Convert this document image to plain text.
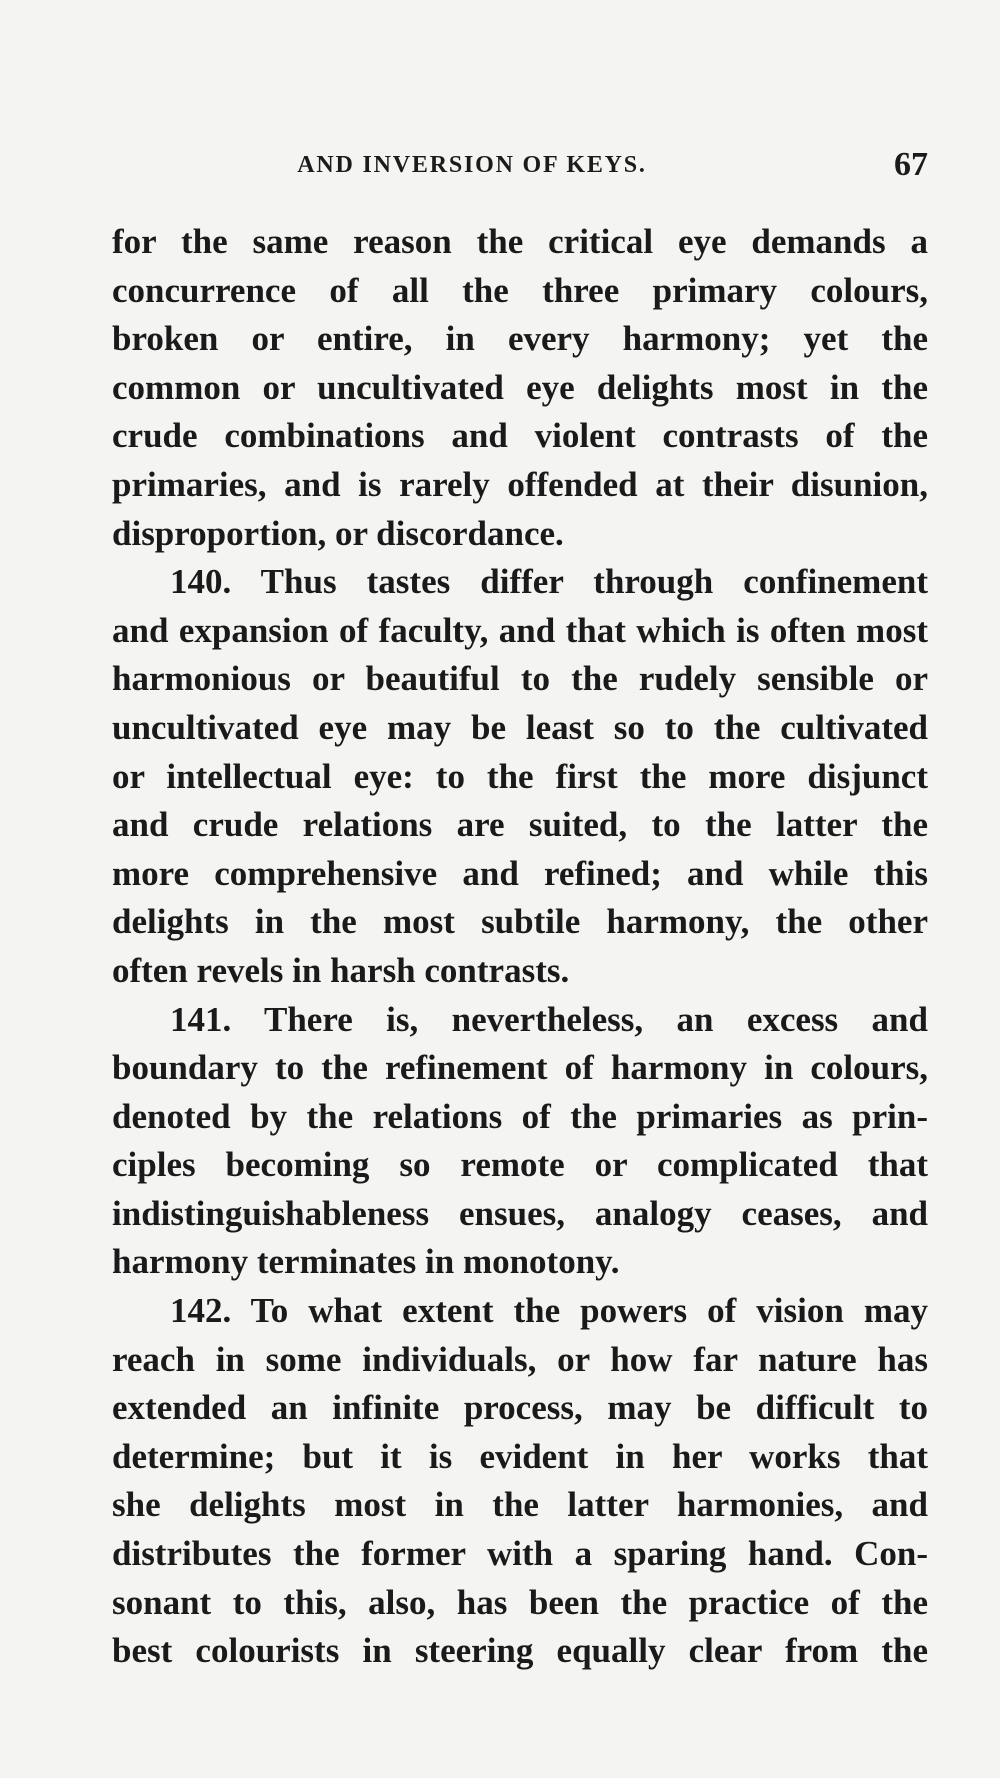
AND INVERSION OF KEYS.	67
for the same reason the critical eye demands a
concurrence of all the three primary colours,
broken or entire, in every harmony; yet the
common or uncultivated eye delights most in the
crude combinations and violent contrasts of the
primaries, and is rarely offended at their disunion,
disproportion, or discordance.
140. Thus tastes differ through confinement
and expansion of faculty, and that which is often most
harmonious or beautiful to the rudely sensible or
uncultivated eye may be least so to the cultivated
or intellectual eye: to the first the more disjunct
and crude relations are suited, to the latter the
more comprehensive and refined; and while this
delights in the most subtile harmony, the other
often revels in harsh contrasts.
141. There is, nevertheless, an excess and
boundary to the refinement of harmony in colours,
denoted by the relations of the primaries as prin-
ciples becoming so remote or complicated that
indistinguishableness ensues, analogy ceases, and
harmony terminates in monotony.
142. To what extent the powers of vision may
reach in some individuals, or how far nature has
extended an infinite process, may be difficult to
determine; but it is evident in her works that
she delights most in the latter harmonies, and
distributes the former with a sparing hand. Con-
sonant to this, also, has been the practice of the
best colourists in steering equally clear from the
